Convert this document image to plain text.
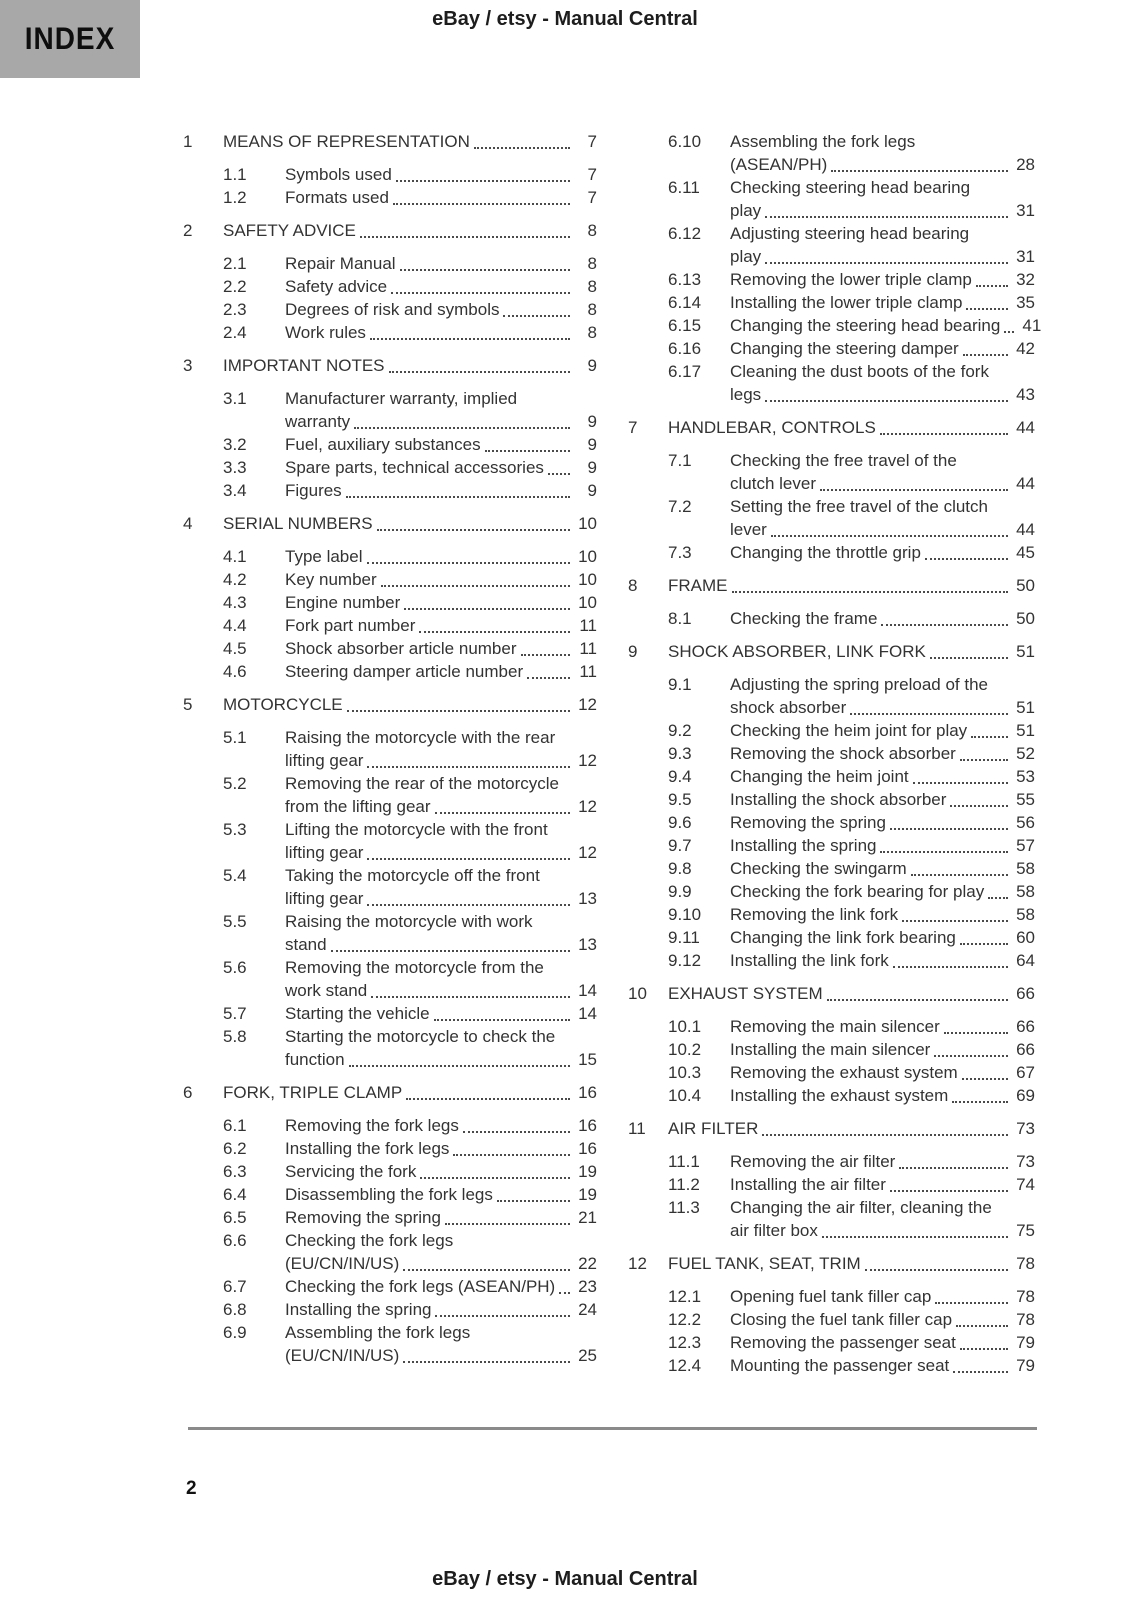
INDEX
eBay / etsy - Manual Central
1	MEANS OF REPRESENTATION	7
1.1	Symbols used	7
1.2	Formats used	7
2	SAFETY ADVICE	8
2.1	Repair Manual	8
2.2	Safety advice	8
2.3	Degrees of risk and symbols	8
2.4	Work rules	8
3	IMPORTANT NOTES	9
3.1	Manufacturer warranty, implied
warranty	9
3.2	Fuel, auxiliary substances	9
3.3	Spare parts, technical accessories	9
3.4	Figures	9
4	SERIAL NUMBERS	10
4.1	Type label	10
4.2	Key number	10
4.3	Engine number	10
4.4	Fork part number	11
4.5	Shock absorber article number	11
4.6	Steering damper article number	11
5	MOTORCYCLE	12
5.1	Raising the motorcycle with the rear
lifting gear	12
5.2	Removing the rear of the motorcycle
from the lifting gear	12
5.3	Lifting the motorcycle with the front
lifting gear	12
5.4	Taking the motorcycle off the front
lifting gear	13
5.5	Raising the motorcycle with work
stand	13
5.6	Removing the motorcycle from the
work stand	14
5.7	Starting the vehicle	14
5.8	Starting the motorcycle to check the
function	15
6	FORK, TRIPLE CLAMP	16
6.1	Removing the fork legs	16
6.2	Installing the fork legs	16
6.3	Servicing the fork	19
6.4	Disassembling the fork legs	19
6.5	Removing the spring	21
6.6	Checking the fork legs
(EU/CN/IN/US)	22
6.7	Checking the fork legs (ASEAN/PH) 23
6.8	Installing the spring	24
6.9	Assembling the fork legs
(EU/CN/IN/US)	25
6.10	Assembling the fork legs
(ASEAN/PH)	28
6.11	Checking steering head bearing
play	31
6.12	Adjusting steering head bearing
play	31
6.13	Removing the lower triple clamp	32
6.14	Installing the lower triple clamp	35
6.15	Changing the steering head bearing 41
6.16	Changing the steering damper	42
6.17	Cleaning the dust boots of the fork
legs	43
7	HANDLEBAR, CONTROLS	44
7.1	Checking the free travel of the
clutch lever	44
7.2	Setting the free travel of the clutch
lever	44
7.3	Changing the throttle grip	45
8	FRAME	50
8.1	Checking the frame	50
9	SHOCK ABSORBER, LINK FORK	51
9.1	Adjusting the spring preload of the
shock absorber	51
9.2	Checking the heim joint for play	51
9.3	Removing the shock absorber	52
9.4	Changing the heim joint	53
9.5	Installing the shock absorber	55
9.6	Removing the spring	56
9.7	Installing the spring	57
9.8	Checking the swingarm	58
9.9	Checking the fork bearing for play 58
9.10	Removing the link fork	58
9.11	Changing the link fork bearing	60
9.12	Installing the link fork	64
10	EXHAUST SYSTEM	66
10.1	Removing the main silencer	66
10.2	Installing the main silencer	66
10.3	Removing the exhaust system	67
10.4	Installing the exhaust system	69
11	AIR FILTER	73
11.1	Removing the air filter	73
11.2	Installing the air filter	74
11.3	Changing the air filter, cleaning the
air filter box	75
12	FUEL TANK, SEAT, TRIM	78
12.1	Opening fuel tank filler cap	78
12.2	Closing the fuel tank filler cap	78
12.3	Removing the passenger seat	79
12.4	Mounting the passenger seat	79
2
eBay / etsy - Manual Central
